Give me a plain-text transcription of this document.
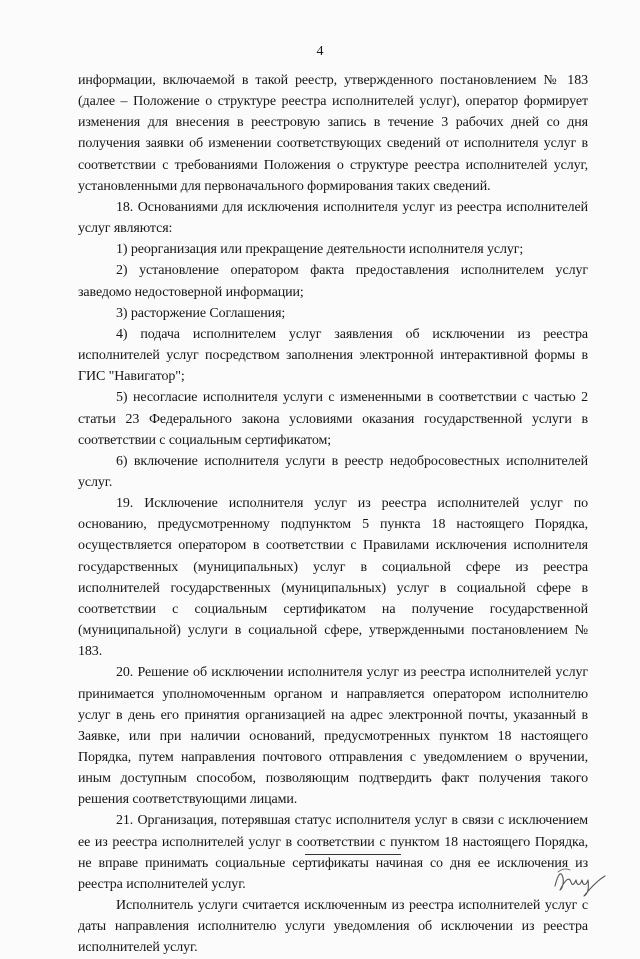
4

информации, включаемой в такой реестр, утвержденного постановлением № 183 (далее – Положение о структуре реестра исполнителей услуг), оператор формирует изменения для внесения в реестровую запись в течение 3 рабочих дней со дня получения заявки об изменении соответствующих сведений от исполнителя услуг в соответствии с требованиями Положения о структуре реестра исполнителей услуг, установленными для первоначального формирования таких сведений.

18. Основаниями для исключения исполнителя услуг из реестра исполнителей услуг являются:

1) реорганизация или прекращение деятельности исполнителя услуг;

2) установление оператором факта предоставления исполнителем услуг заведомо недостоверной информации;

3) расторжение Соглашения;

4) подача исполнителем услуг заявления об исключении из реестра исполнителей услуг посредством заполнения электронной интерактивной формы в ГИС "Навигатор";

5) несогласие исполнителя услуги с измененными в соответствии с частью 2 статьи 23 Федерального закона условиями оказания государственной услуги в соответствии с социальным сертификатом;

6) включение исполнителя услуги в реестр недобросовестных исполнителей услуг.

19. Исключение исполнителя услуг из реестра исполнителей услуг по основанию, предусмотренному подпунктом 5 пункта 18 настоящего Порядка, осуществляется оператором в соответствии с Правилами исключения исполнителя государственных (муниципальных) услуг в социальной сфере из реестра исполнителей государственных (муниципальных) услуг в социальной сфере в соответствии с социальным сертификатом на получение государственной (муниципальной) услуги в социальной сфере, утвержденными постановлением № 183.

20. Решение об исключении исполнителя услуг из реестра исполнителей услуг принимается уполномоченным органом и направляется оператором исполнителю услуг в день его принятия организацией на адрес электронной почты, указанный в Заявке, или при наличии оснований, предусмотренных пунктом 18 настоящего Порядка, путем направления почтового отправления с уведомлением о вручении, иным доступным способом, позволяющим подтвердить факт получения такого решения соответствующими лицами.

21. Организация, потерявшая статус исполнителя услуг в связи с исключением ее из реестра исполнителей услуг в соответствии с пунктом 18 настоящего Порядка, не вправе принимать социальные сертификаты начиная со дня ее исключения из реестра исполнителей услуг.

Исполнитель услуги считается исключенным из реестра исполнителей услуг с даты направления исполнителю услуги уведомления об исключении из реестра исполнителей услуг.
